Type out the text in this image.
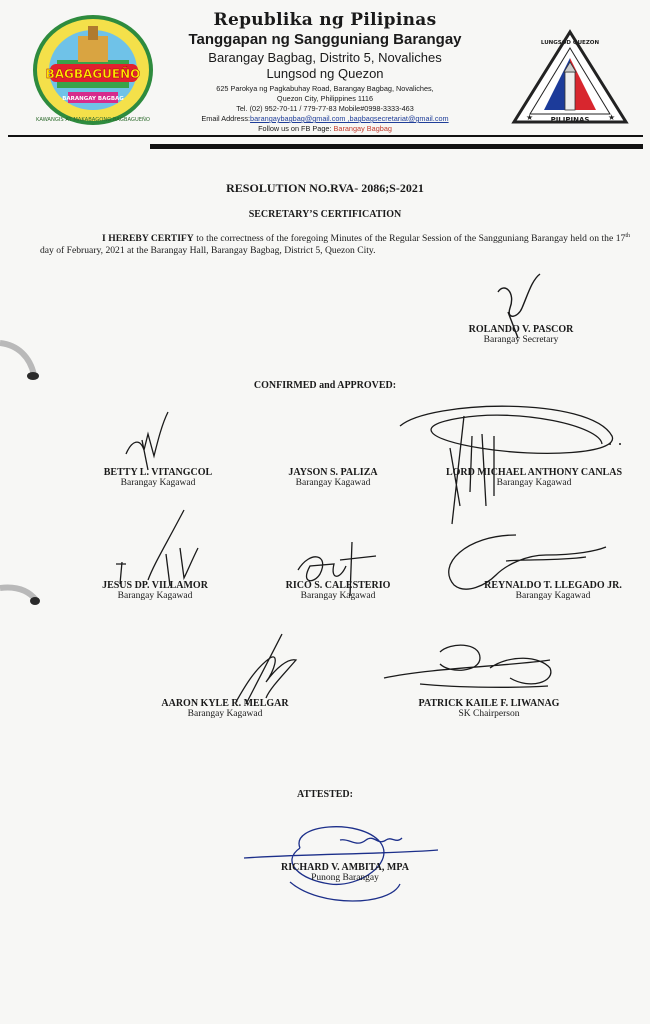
BAGBAGUEÑO
BARANGAY BAGBAG
KAWANGIS AT MAKABAGONG BAGBAGUEÑO	PILIPINAS
LUNGSOD QUEZON
★	★
Republika ng Pilipinas
Tanggapan ng Sangguniang Barangay
Barangay Bagbag, Distrito 5, Novaliches
Lungsod ng Quezon
625 Parokya ng Pagkabuhay Road, Barangay Bagbag, Novaliches,
Quezon City, Philippines 1116
Tel. (02) 952-70-11 / 779-77-83 Mobile#0998-3333-463
Email Address:barangaybagbag@gmail.com ,bagbagsecretariat@gmail.com
Follow us on FB Page: Barangay Bagbag
RESOLUTION NO.RVA- 2086;S-2021
SECRETARY’S CERTIFICATION
I HEREBY CERTIFY to the correctness of the foregoing Minutes of the Regular Session of the Sangguniang Barangay held on the 17th day of February, 2021 at the Barangay Hall, Barangay Bagbag, District 5, Quezon City.
ROLANDO V. PASCOR
Barangay Secretary
CONFIRMED and APPROVED:
BETTY L. VITANGCOL
Barangay Kagawad
JAYSON S. PALIZA
Barangay Kagawad
LORD MICHAEL ANTHONY CANLAS
Barangay Kagawad
JESUS DP. VILLAMOR
Barangay Kagawad
RICO S. CALESTERIO
Barangay Kagawad
REYNALDO T. LLEGADO JR.
Barangay Kagawad
AARON KYLE R. MELGAR
Barangay Kagawad
PATRICK KAILE F. LIWANAG
SK Chairperson
ATTESTED:
RICHARD V. AMBITA, MPA
Punong Barangay
